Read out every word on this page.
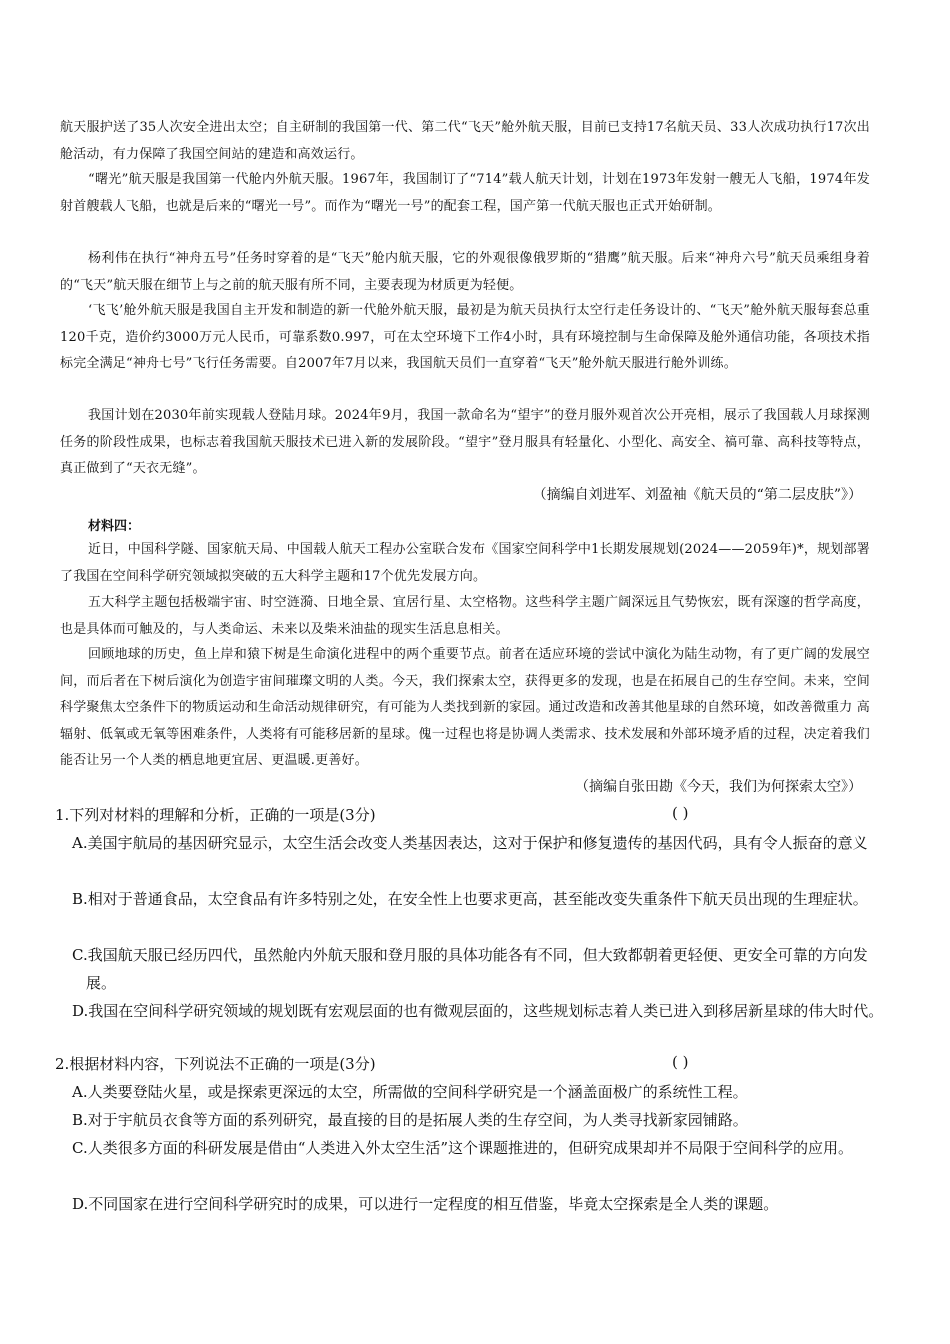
航天服护送了35人次安全进出太空；自主研制的我国第一代、第二代“飞天”舱外航天服，目前已支持17名航天员、33人次成功执行17次出舱活动，有力保障了我国空间站的建造和高效运行。

“曙光”航天服是我国第一代舱内外航天服。1967年，我国制订了“714”载人航天计划，计划在1973年发射一艘无人飞船，1974年发射首艘载人飞船，也就是后来的“曙光一号”。而作为“曙光一号”的配套工程，国产第一代航天服也正式开始研制。

杨利伟在执行“神舟五号”任务时穿着的是“飞天”舱内航天服，它的外观很像俄罗斯的“猎鹰”航天服。后来“神舟六号”航天员乘组身着的“飞天”航天服在细节上与之前的航天服有所不同，主要表现为材质更为轻便。

‘飞飞’舱外航天服是我国自主开发和制造的新一代舱外航天服，最初是为航天员执行太空行走任务设计的、“飞天”舱外航天服每套总重120千克，造价约3000万元人民币，可靠系数0.997，可在太空环境下工作4小时，具有环境控制与生命保障及舱外通信功能，各项技术指标完全满足“神舟七号”飞行任务需要。自2007年7月以来，我国航天员们一直穿着“飞天”舱外航天服进行舱外训练。

我国计划在2030年前实现载人登陆月球。2024年9月，我国一款命名为“望宇”的登月服外观首次公开亮相，展示了我国载人月球探测任务的阶段性成果，也标志着我国航天服技术已进入新的发展阶段。“望宇”登月服具有轻量化、小型化、高安全、禞可靠、高科技等特点，真正做到了“天衣无缝”。

（摘编自刘进军、刘盈袖《航天员的“第二层皮肤”》）

材料四：

近日，中国科学隧、国家航天局、中国载人航天工程办公室联合发布《国家空间科学中1长期发展规划(2024——2059年)*，规划部署了我国在空间科学研究领域拟突破的五大科学主题和17个优先发展方向。

五大科学主题包括极端宇宙、时空涟漪、日地全景、宜居行星、太空格物。这些科学主题广阔深远且气势恢宏，既有深邃的哲学高度，也是具体而可触及的，与人类命运、未来以及柴米油盐的现实生活息息相关。

回顾地球的历史，鱼上岸和猿下树是生命演化进程中的两个重要节点。前者在适应环境的尝试中演化为陆生动物，有了更广阔的发展空间，而后者在下树后演化为创造宇宙间璀璨文明的人类。今天，我们探索太空，获得更多的发现，也是在拓展自己的生存空间。未来，空间科学聚焦太空条件下的物质运动和生命活动规律研究，有可能为人类找到新的家园。通过改造和改善其他星球的自然环境，如改善微重力 高辐射、低氧或无氧等困难条件，人类将有可能移居新的星球。傀一过程也将是协调人类需求、技术发展和外部环境矛盾的过程，决定着我们能否让另一个人类的栖息地更宜居、更温暖.更善好。

（摘编自张田勘《今天，我们为何探索太空》）

1.下列对材料的理解和分析，正确的一项是(3分)	( )

A.美国宇航局的基因研究显示，太空生活会改变人类基因表达，这对于保护和修复遗传的基因代码，具有令人振奋的意义
B.相对于普通食品，太空食品有许多特别之处，在安全性上也要求更高，甚至能改变失重条件下航天员出现的生理症状。
C.我国航天服已经历四代，虽然舱内外航天服和登月服的具体功能各有不同，但大致都朝着更轻便、更安全可靠的方向发展。
D.我国在空间科学研究领域的规划既有宏观层面的也有微观层面的，这些规划标志着人类已进入到移居新星球的伟大时代。

2.根据材料内容，下列说法不正确的一项是(3分)	( )

A.人类要登陆火星，或是探索更深远的太空，所需做的空间科学研究是一个涵盖面极广的系统性工程。
B.对于宇航员衣食等方面的系列研究，最直接的目的是拓展人类的生存空间，为人类寻找新家园铺路。
C.人类很多方面的科研发展是借由“人类进入外太空生活”这个课题推进的，但研究成果却并不局限于空间科学的应用。
D.不同国家在进行空间科学研究时的成果，可以进行一定程度的相互借鉴，毕竟太空探索是全人类的课题。
